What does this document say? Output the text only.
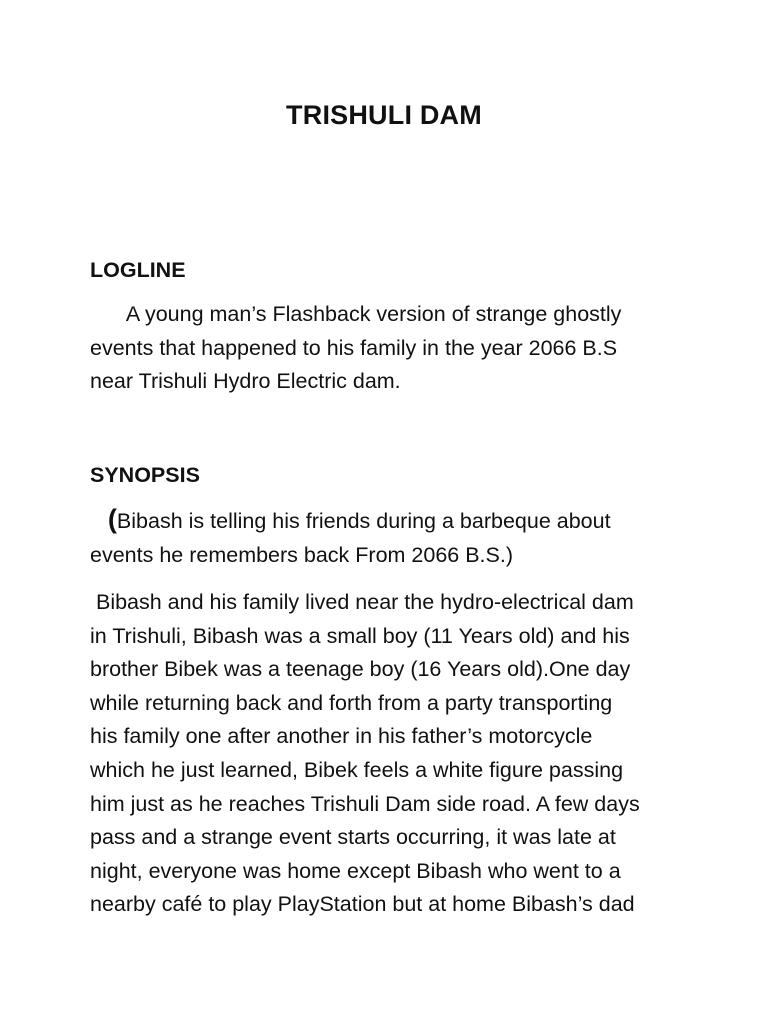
TRISHULI DAM
LOGLINE
A young man’s Flashback version of strange ghostly
events that happened to his family in the year 2066 B.S
near Trishuli Hydro Electric dam.
SYNOPSIS
(Bibash is telling his friends during a barbeque about
events he remembers back From 2066 B.S.)
Bibash and his family lived near the hydro-electrical dam
in Trishuli, Bibash was a small boy (11 Years old) and his
brother Bibek was a teenage boy (16 Years old).One day
while returning back and forth from a party transporting
his family one after another in his father’s motorcycle
which he just learned, Bibek feels a white figure passing
him just as he reaches Trishuli Dam side road. A few days
pass and a strange event starts occurring, it was late at
night, everyone was home except Bibash who went to a
nearby café to play PlayStation but at home Bibash’s dad
